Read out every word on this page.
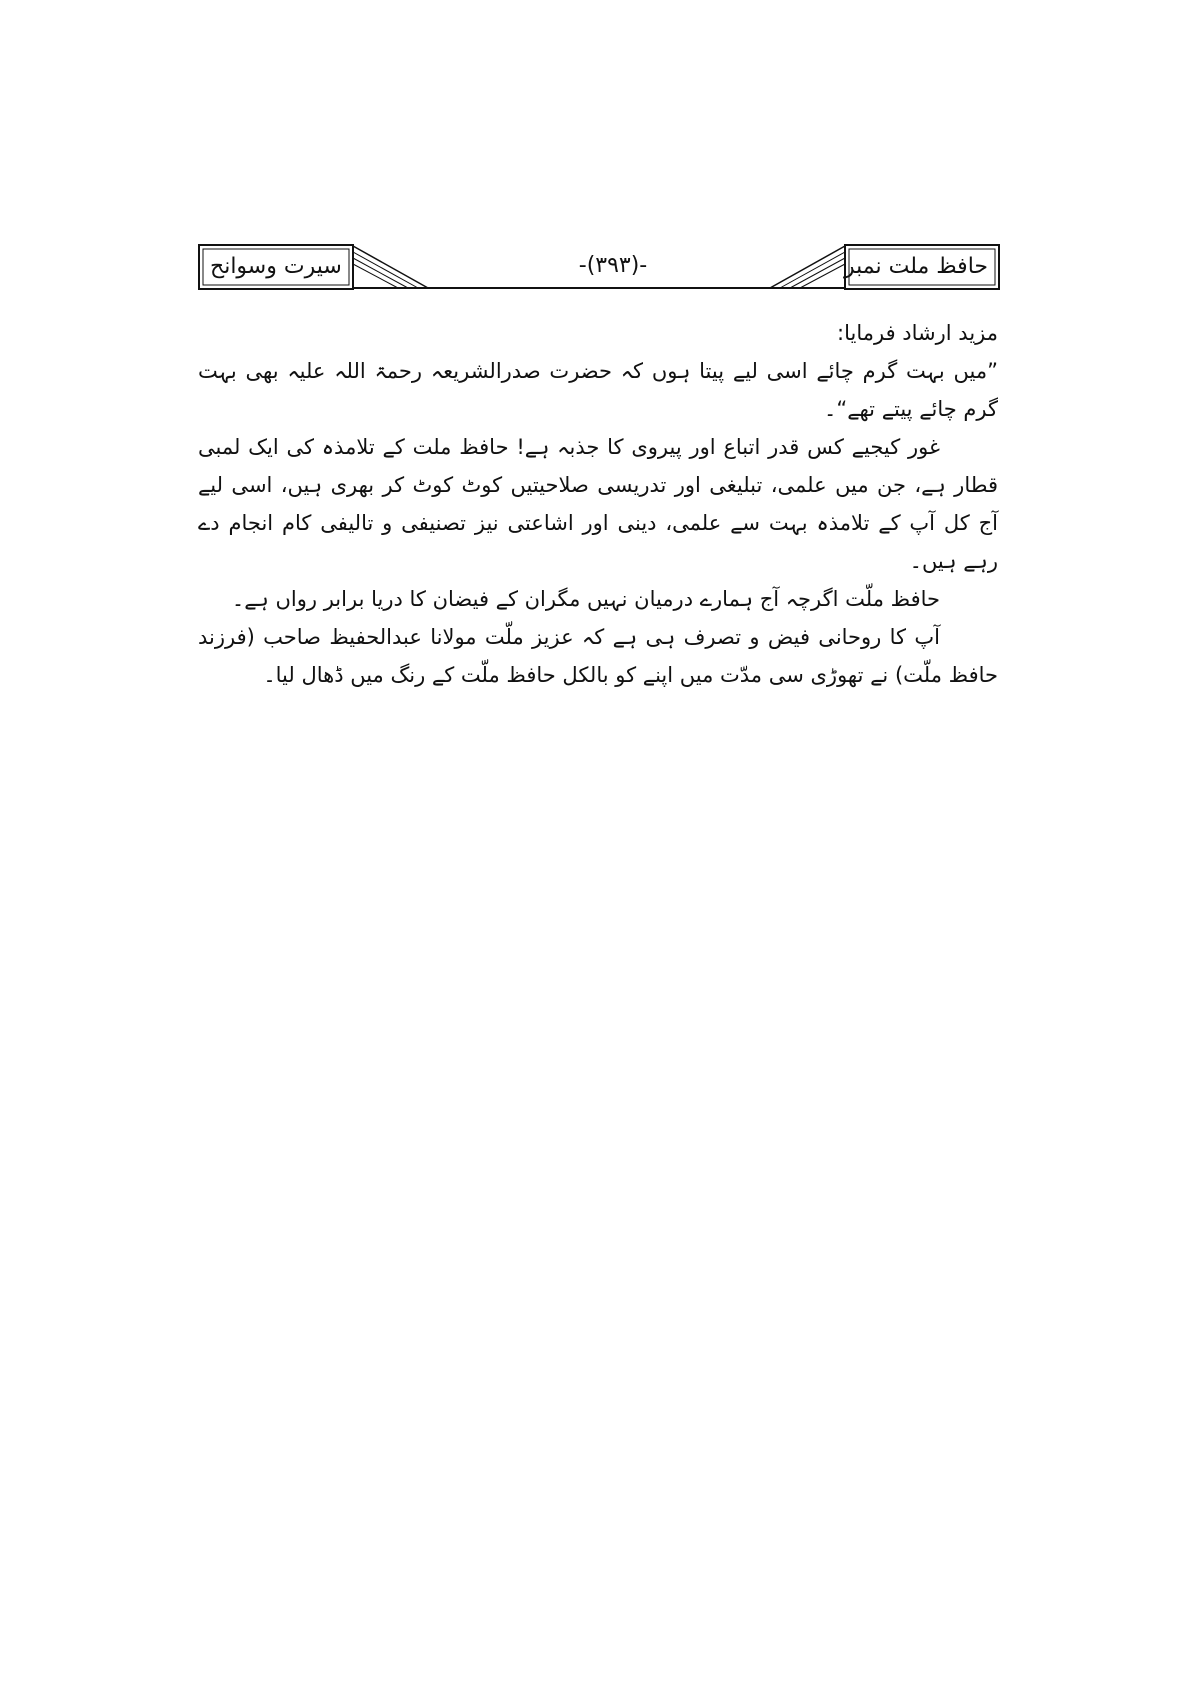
سیرت وسوانح	-(۳۹۳)-	حافظ ملت نمبر

مزید ارشاد فرمایا:

”میں بہت گرم چائے اسی لیے پیتا ہوں کہ حضرت صدرالشریعہ رحمۃ اللہ علیہ بھی بہت گرم چائے پیتے تھے“۔

غور کیجیے کس قدر اتباع اور پیروی کا جذبہ ہے! حافظ ملت کے تلامذہ کی ایک لمبی قطار ہے، جن میں علمی، تبلیغی اور تدریسی صلاحیتیں کوٹ کوٹ کر بھری ہیں، اسی لیے آج کل آپ کے تلامذہ بہت سے علمی، دینی اور اشاعتی نیز تصنیفی و تالیفی کام انجام دے رہے ہیں۔

حافظ ملّت اگرچہ آج ہمارے درمیان نہیں مگران کے فیضان کا دریا برابر رواں ہے۔

آپ کا روحانی فیض و تصرف ہی ہے کہ عزیز ملّت مولانا عبدالحفیظ صاحب (فرزند حافظ ملّت) نے تھوڑی سی مدّت میں اپنے کو بالکل حافظ ملّت کے رنگ میں ڈھال لیا۔
